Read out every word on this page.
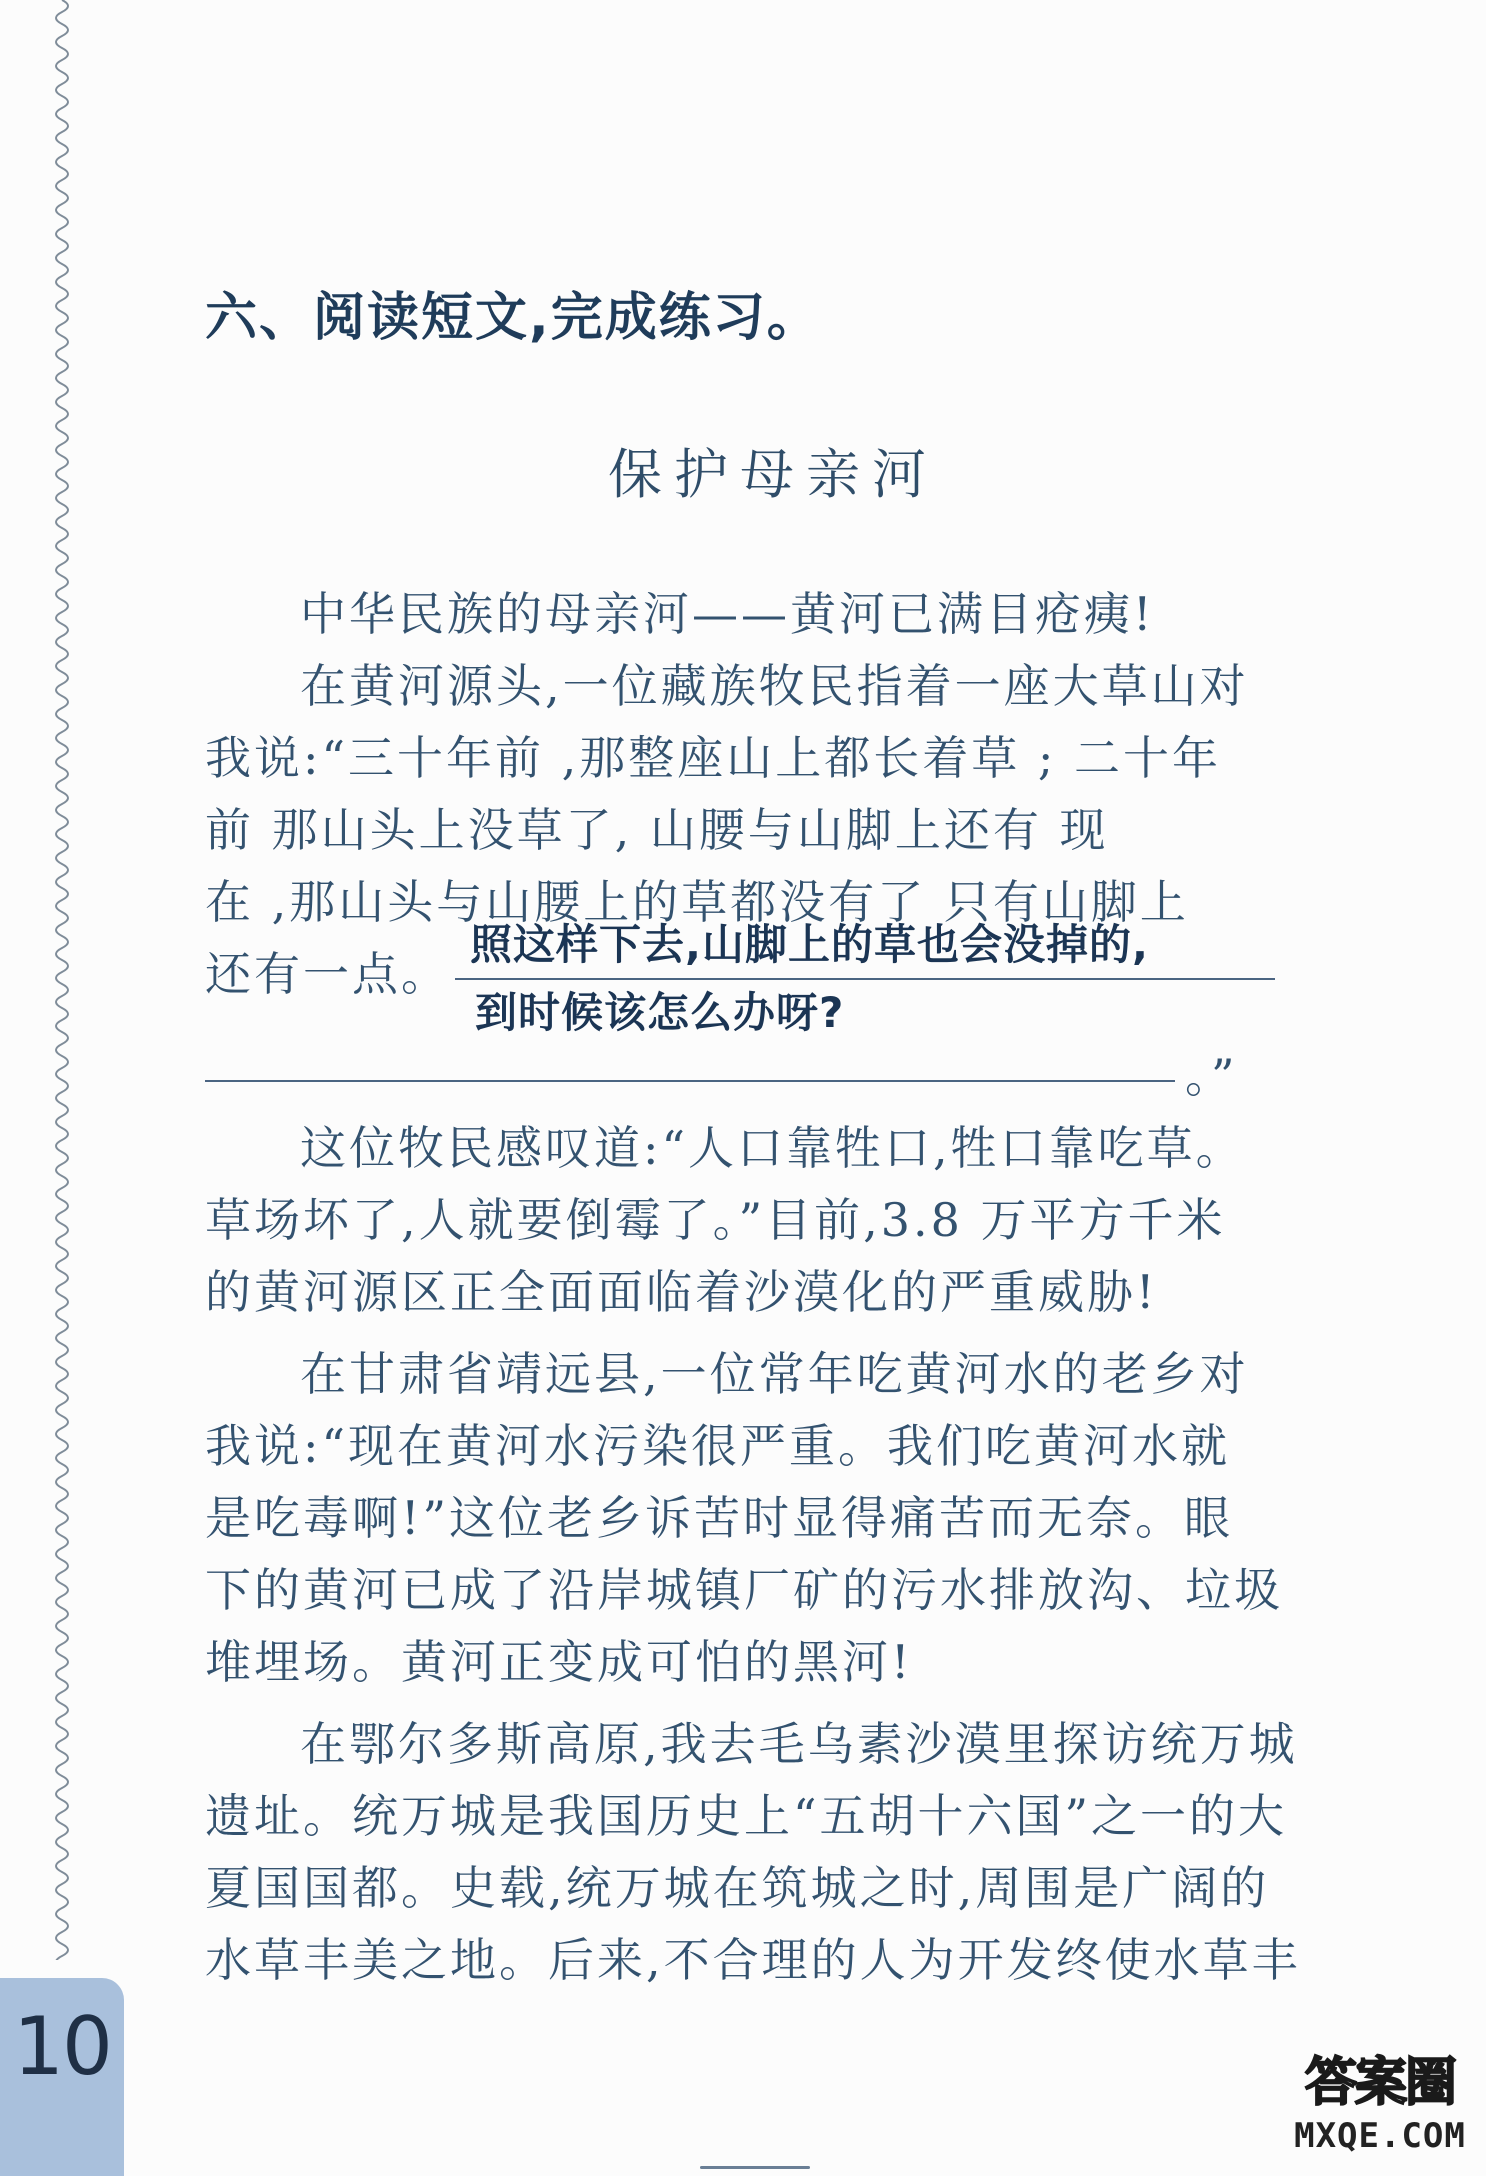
六、阅读短文,完成练习。
保护母亲河
中华民族的母亲河——黄河已满目疮痍!
在黄河源头,一位藏族牧民指着一座大草山对
我说:“三十年前 ,那整座山上都长着草 ; 二十年
前 那山头上没草了, 山腰与山脚上还有 现
在 ,那山头与山腰上的草都没有了 只有山脚上
还有一点。
照这样下去,山脚上的草也会没掉的,
到时候该怎么办呀?
。”
这位牧民感叹道:“人口靠牲口,牲口靠吃草。
草场坏了,人就要倒霉了。”目前,3.8 万平方千米
的黄河源区正全面面临着沙漠化的严重威胁!
在甘肃省靖远县,一位常年吃黄河水的老乡对
我说:“现在黄河水污染很严重。我们吃黄河水就
是吃毒啊!”这位老乡诉苦时显得痛苦而无奈。眼
下的黄河已成了沿岸城镇厂矿的污水排放沟、垃圾
堆埋场。黄河正变成可怕的黑河!
在鄂尔多斯高原,我去毛乌素沙漠里探访统万城
遗址。统万城是我国历史上“五胡十六国”之一的大
夏国国都。史载,统万城在筑城之时,周围是广阔的
水草丰美之地。后来,不合理的人为开发终使水草丰
10	答案圈
MXQE.COM
